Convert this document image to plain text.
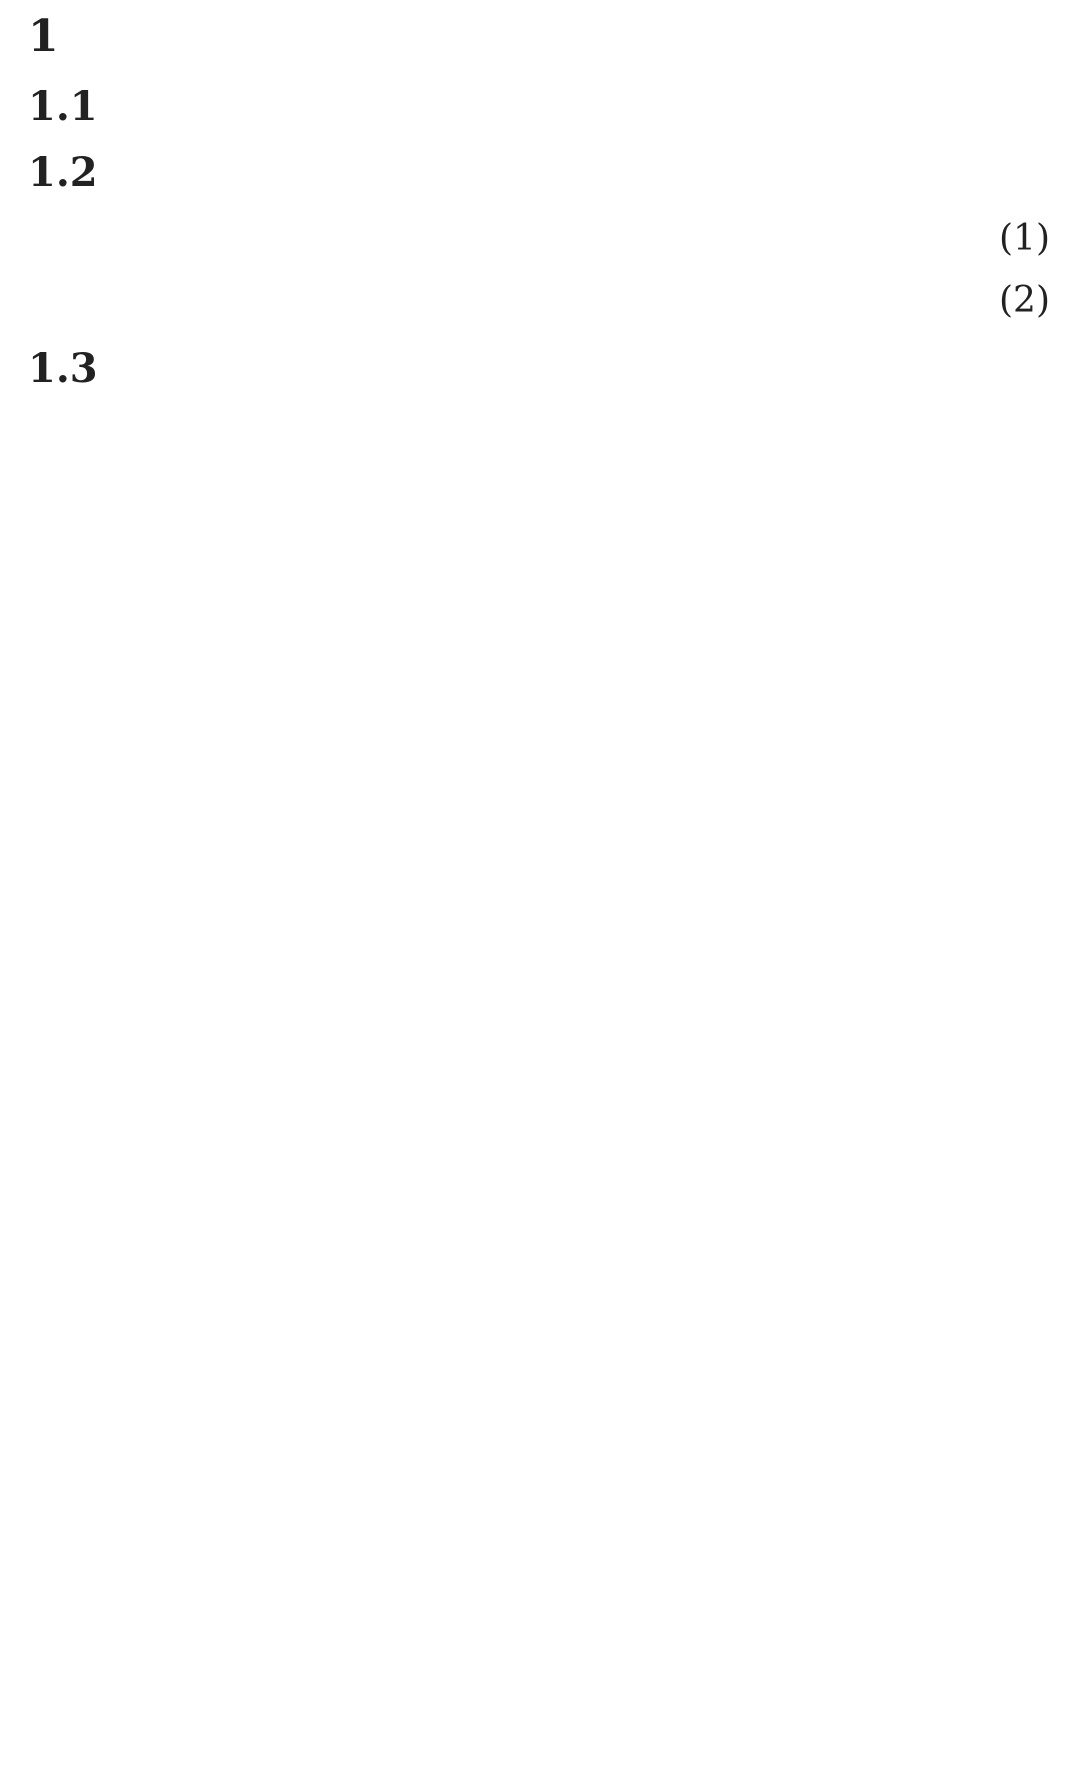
1
1.1

1.2

(1)
(2)

1.3
